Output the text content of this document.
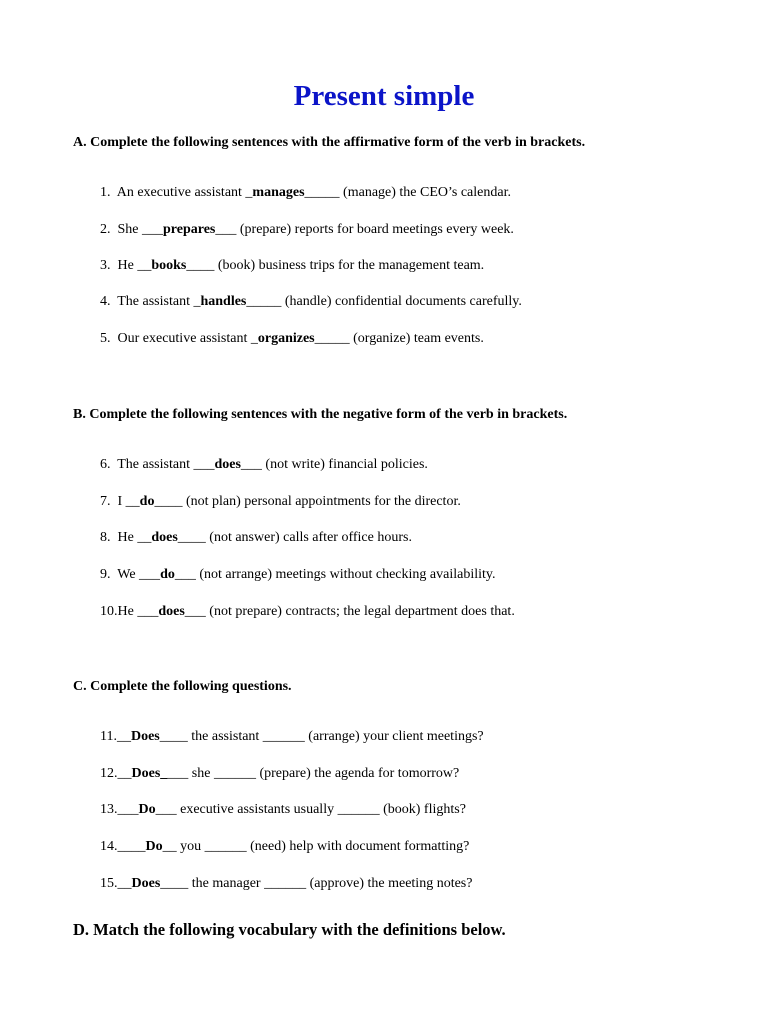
Present simple
A. Complete the following sentences with the affirmative form of the verb in brackets.
1. An executive assistant _manages_____ (manage) the CEO’s calendar.
2. She ___prepares___ (prepare) reports for board meetings every week.
3. He __books____ (book) business trips for the management team.
4. The assistant _handles_____ (handle) confidential documents carefully.
5. Our executive assistant _organizes_____ (organize) team events.
B. Complete the following sentences with the negative form of the verb in brackets.
6. The assistant ___does___ (not write) financial policies.
7. I __do____ (not plan) personal appointments for the director.
8. He __does____ (not answer) calls after office hours.
9. We ___do___ (not arrange) meetings without checking availability.
10.He ___does___ (not prepare) contracts; the legal department does that.
C. Complete the following questions.
11.__Does____ the assistant ______ (arrange) your client meetings?
12.__Does____ she ______ (prepare) the agenda for tomorrow?
13.___Do___ executive assistants usually ______ (book) flights?
14.____Do__ you ______ (need) help with document formatting?
15.__Does____ the manager ______ (approve) the meeting notes?
D. Match the following vocabulary with the definitions below.
